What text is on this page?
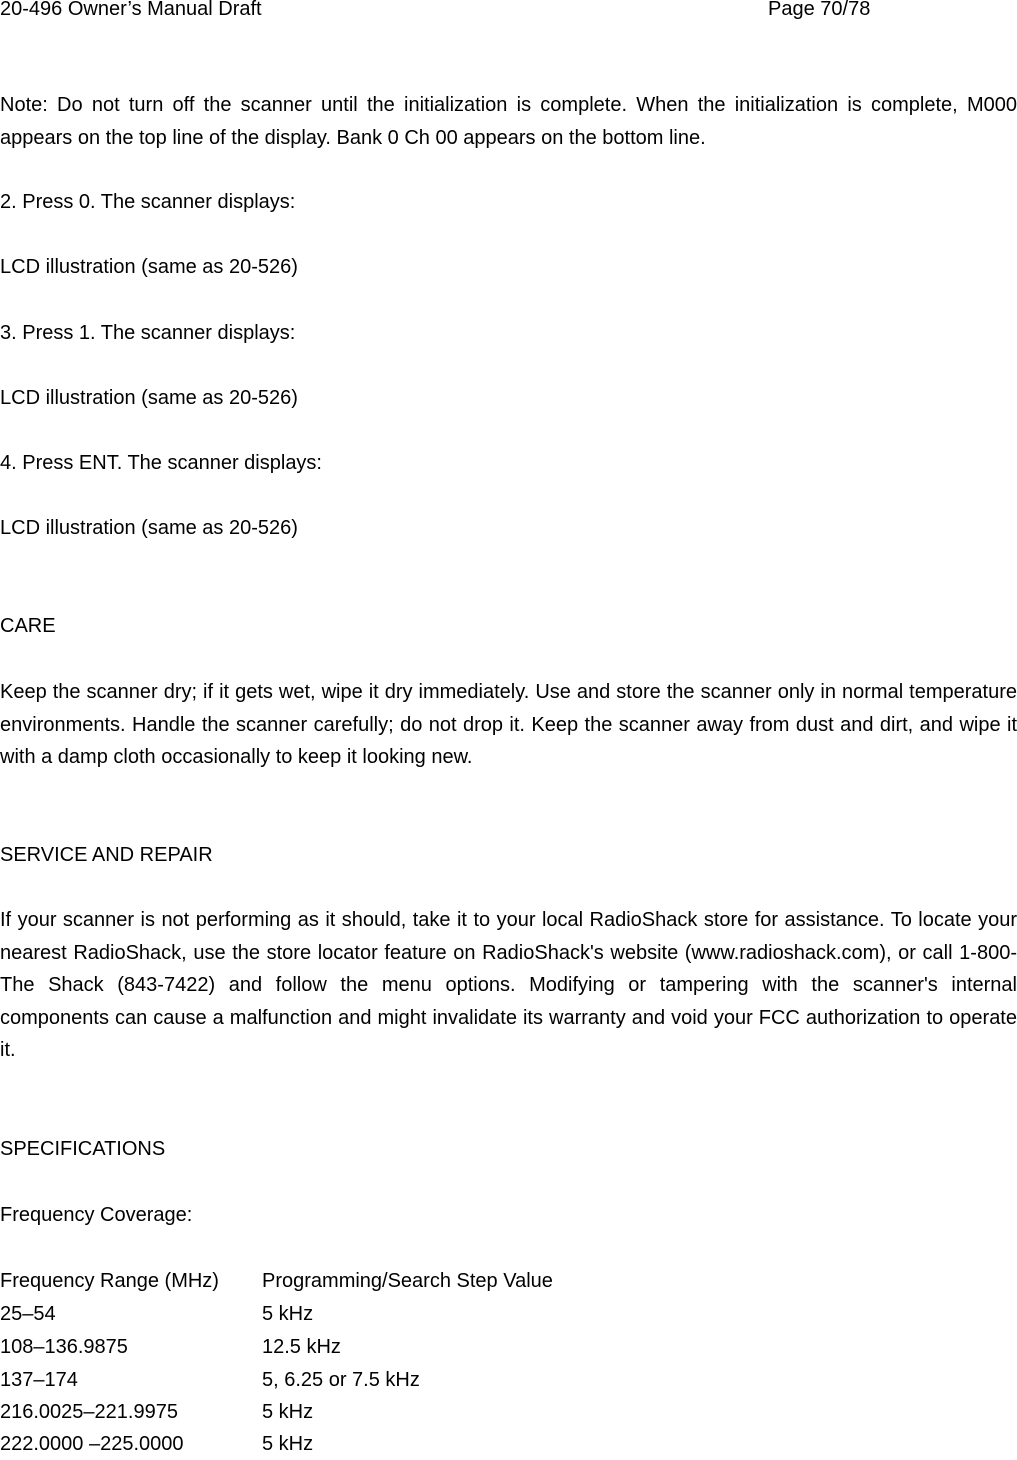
20-496 Owner’s Manual Draft	Page 70/78

Note: Do not turn off the scanner until the initialization is complete. When the initialization is complete, M000 appears on the top line of the display. Bank 0 Ch 00 appears on the bottom line.

2. Press 0. The scanner displays:

LCD illustration (same as 20-526)

3. Press 1. The scanner displays:

LCD illustration (same as 20-526)

4. Press ENT. The scanner displays:

LCD illustration (same as 20-526)

CARE

Keep the scanner dry; if it gets wet, wipe it dry immediately. Use and store the scanner only in normal temperature environments. Handle the scanner carefully; do not drop it. Keep the scanner away from dust and dirt, and wipe it with a damp cloth occasionally to keep it looking new.

SERVICE AND REPAIR

If your scanner is not performing as it should, take it to your local RadioShack store for assistance. To locate your nearest RadioShack, use the store locator feature on RadioShack's website (www.radioshack.com), or call 1-800-The Shack (843-7422) and follow the menu options. Modifying or tampering with the scanner's internal components can cause a malfunction and might invalidate its warranty and void your FCC authorization to operate it.

SPECIFICATIONS

Frequency Coverage:

Frequency Range (MHz) Programming/Search Step Value
25–54	5 kHz
108–136.9875	12.5 kHz
137–174	5, 6.25 or 7.5 kHz
216.0025–221.9975	5 kHz
222.0000 –225.0000	5 kHz
